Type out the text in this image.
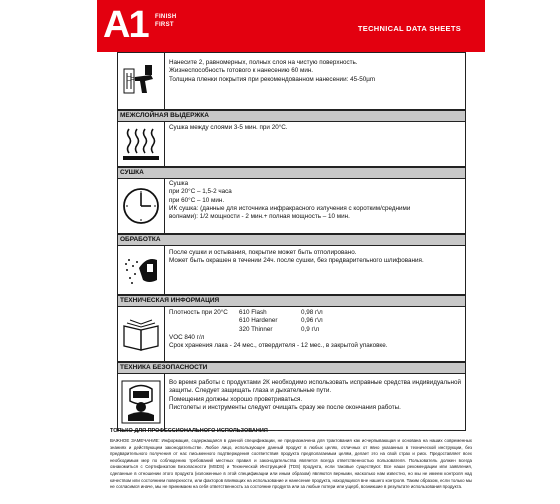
A1 FINISH
FIRST	TECHNICAL DATA SHEETS
Нанесите 2, равномерных, полных слоя на чистую поверхность.
Жизнеспособность готового к нанесению 60 мин.
Толщина пленки покрытия при рекомендованном нанесении: 45-50µm
МЕЖСЛОЙНАЯ ВЫДЕРЖКА
Сушка между слоями 3-5 мин. при 20°C.
СУШКА
Сушка
при 20°C – 1,5-2 часа
при 60°C – 10 мин.
ИК сушка: (данные для источника инфракрасного излучения с коротким/средними
волнами): 1/2 мощности - 2 мин.+ полная мощность – 10 мин.
ОБРАБОТКА
После сушки и остывания, покрытие может быть отполировано.
Может быть окрашен в течении 24ч. после сушки, без предварительного шлифования.
ТЕХНИЧЕСКАЯ ИНФОРМАЦИЯ
Плотность при 20°C	610 Flash	0,98 г\л
610 Hardener	0,96 г\л
320 Thinner	0,9 г\л
VOC 840 г/л
Срок хранения лака - 24 мес., отвердителя - 12 мес., в закрытой упаковке.
ТЕХНИКА БЕЗОПАСНОСТИ
Во время работы с продуктами 2К необходимо использовать исправные средства индивидуальной защиты. Следует защищать глаза и дыхательные пути.
Помещения должны хорошо проветриваться.
Пистолеты и инструменты следует очищать сразу же после окончания работы.
ТОЛЬКО ДЛЯ ПРОФЕССИОНАЛЬНОГО ИСПОЛЬЗОВАНИЯ
ВАЖНОЕ ЗАМЕЧАНИЕ: Информация, содержащаяся в данной спецификации, не предназначена для трактования как исчерпывающая и основана на наших современных знаниях и действующем законодательстве. Любое лицо, использующее данный продукт в любых целях, отличных от явно указанных в технической инструкции, без предварительного получения от нас письменного подтверждения соответствия продукта предполагаемым целям, делает это на свой страх и риск. Предоставляет всех необходимым мер по соблюдению требований местных правил и законодательства является всегда ответственностью пользователя. Пользователь должен всегда ознакомиться с Сертификатом Безопасности (MSDS) и Технической Инструкцией (TDS) продукта, если таковые существуют. Все наши рекомендации или заявления, сделанные в отношении этого продукта (изложенные в этой спецификации или иным образом) являются верными, насколько нам известно, но мы не имеем контроля над качеством или состоянием поверхности, или факторов влияющих на использование и нанесение продукта, находящихся вне нашего контроля. Таким образом, если только мы не согласимся иначе, мы не принимаем на себя ответственность за состояние продукта или за любые потери или ущерб, возникшие в результате использования продукта.
